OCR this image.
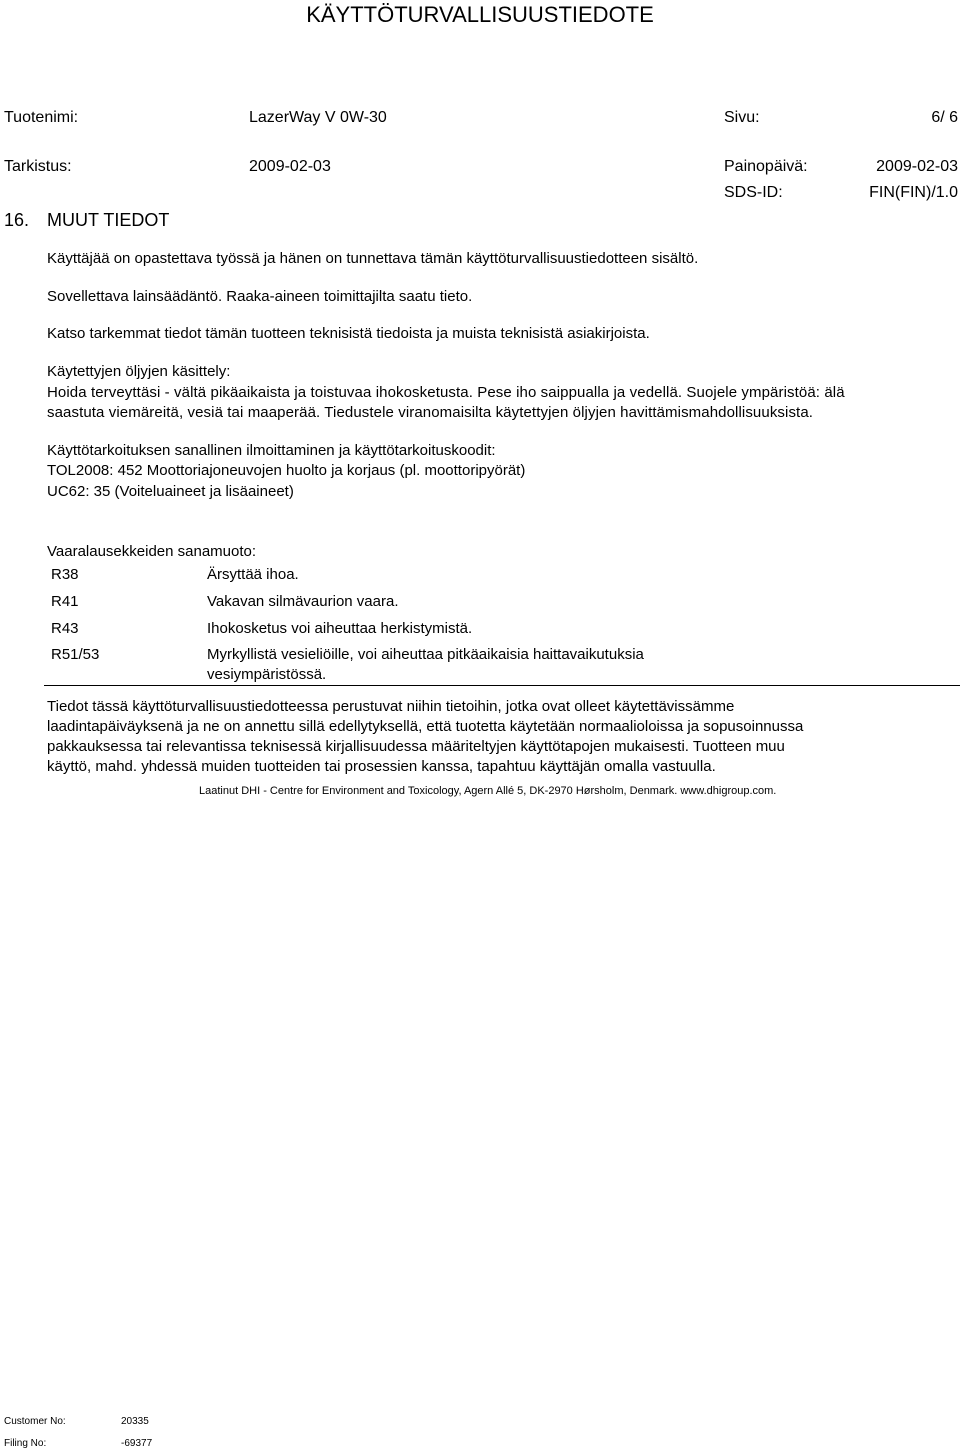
KÄYTTÖTURVALLISUUSTIEDOTE
Tuotenimi:	LazerWay V 0W-30	Sivu:	6/ 6
Tarkistus:	2009-02-03	Painopäivä:	2009-02-03
SDS-ID:	FIN(FIN)/1.0
16. MUUT TIEDOT
Käyttäjää on opastettava työssä ja hänen on tunnettava tämän käyttöturvallisuustiedotteen sisältö.
Sovellettava lainsäädäntö. Raaka-aineen toimittajilta saatu tieto.
Katso tarkemmat tiedot tämän tuotteen teknisistä tiedoista ja muista teknisistä asiakirjoista.
Käytettyjen öljyjen käsittely:
Hoida terveyttäsi - vältä pikäaikaista ja toistuvaa ihokosketusta. Pese iho saippualla ja vedellä. Suojele ympäristöä: älä
saastuta viemäreitä, vesiä tai maaperää. Tiedustele viranomaisilta käytettyjen öljyjen havittämismahdollisuuksista.
Käyttötarkoituksen sanallinen ilmoittaminen ja käyttötarkoituskoodit:
TOL2008: 452 Moottoriajoneuvojen huolto ja korjaus (pl. moottoripyörät)
UC62: 35 (Voiteluaineet ja lisäaineet)
Vaaralausekkeiden sanamuoto:
R38	Ärsyttää ihoa.
R41	Vakavan silmävaurion vaara.
R43	Ihokosketus voi aiheuttaa herkistymistä.
R51/53	Myrkyllistä vesieliöille, voi aiheuttaa pitkäaikaisia haittavaikutuksia
vesiympäristössä.
Tiedot tässä käyttöturvallisuustiedotteessa perustuvat niihin tietoihin, jotka ovat olleet käytettävissämme
laadintapäiväyksenä ja ne on annettu sillä edellytyksellä, että tuotetta käytetään normaalioloissa ja sopusoinnussa
pakkauksessa tai relevantissa teknisessä kirjallisuudessa määriteltyjen käyttötapojen mukaisesti. Tuotteen muu
käyttö, mahd. yhdessä muiden tuotteiden tai prosessien kanssa, tapahtuu käyttäjän omalla vastuulla.
Laatinut DHI - Centre for Environment and Toxicology, Agern Allé 5, DK-2970 Hørsholm, Denmark. www.dhigroup.com.
Customer No:	20335
Filing No:	-69377
